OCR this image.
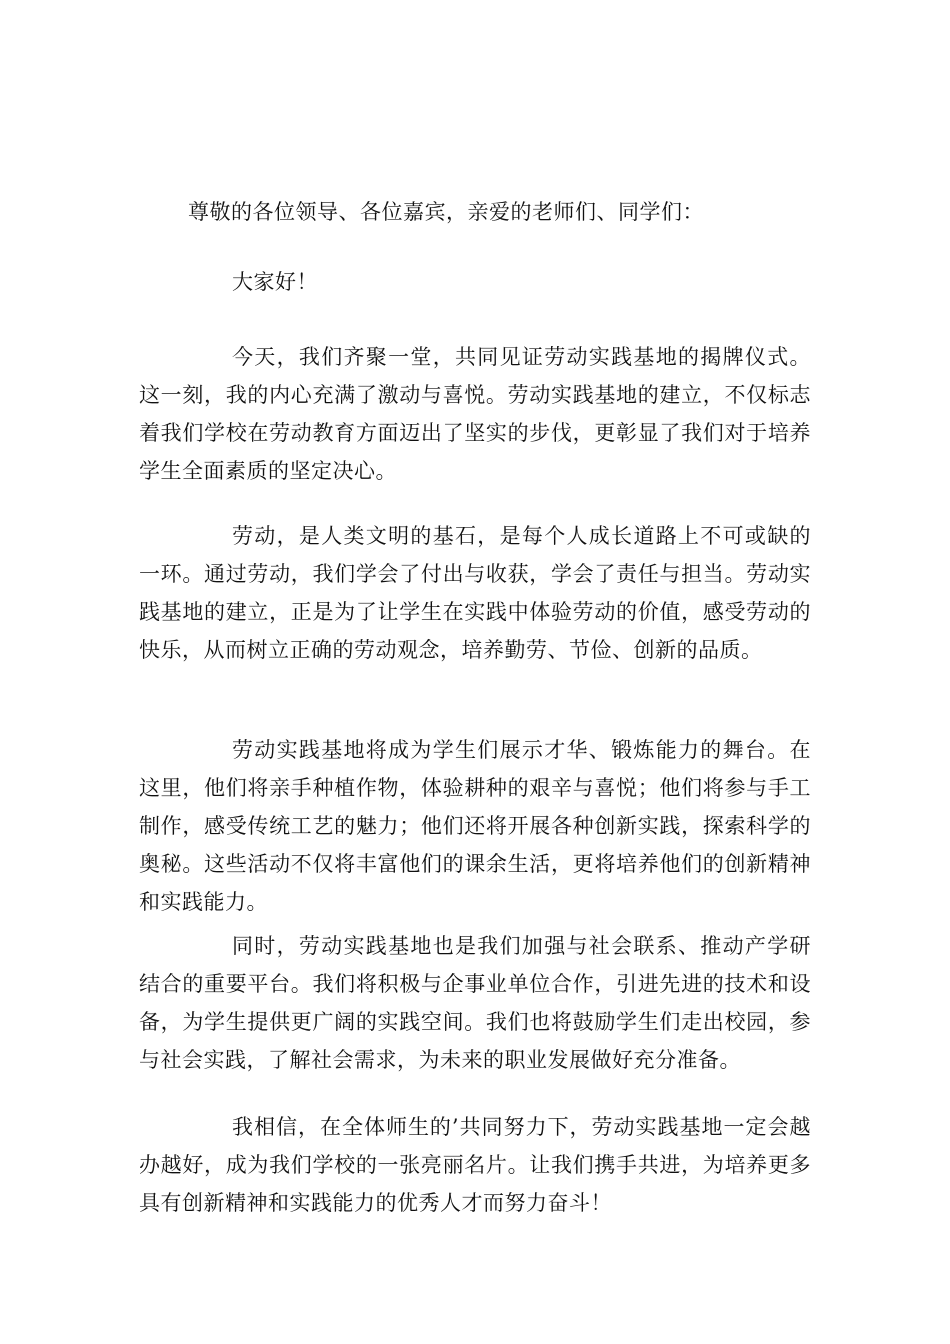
尊敬的各位领导、各位嘉宾，亲爱的老师们、同学们：
大家好！

今天，我们齐聚一堂，共同见证劳动实践基地的揭牌仪式。这一刻，我的内心充满了激动与喜悦。劳动实践基地的建立，不仅标志着我们学校在劳动教育方面迈出了坚实的步伐，更彰显了我们对于培养学生全面素质的坚定决心。

劳动，是人类文明的基石，是每个人成长道路上不可或缺的一环。通过劳动，我们学会了付出与收获，学会了责任与担当。劳动实践基地的建立，正是为了让学生在实践中体验劳动的价值，感受劳动的快乐，从而树立正确的劳动观念，培养勤劳、节俭、创新的品质。

劳动实践基地将成为学生们展示才华、锻炼能力的舞台。在这里，他们将亲手种植作物，体验耕种的艰辛与喜悦；他们将参与手工制作，感受传统工艺的魅力；他们还将开展各种创新实践，探索科学的奥秘。这些活动不仅将丰富他们的课余生活，更将培养他们的创新精神和实践能力。

同时，劳动实践基地也是我们加强与社会联系、推动产学研结合的重要平台。我们将积极与企事业单位合作，引进先进的技术和设备，为学生提供更广阔的实践空间。我们也将鼓励学生们走出校园，参与社会实践，了解社会需求，为未来的职业发展做好充分准备。

我相信，在全体师生的’共同努力下，劳动实践基地一定会越办越好，成为我们学校的一张亮丽名片。让我们携手共进，为培养更多具有创新精神和实践能力的优秀人才而努力奋斗！
